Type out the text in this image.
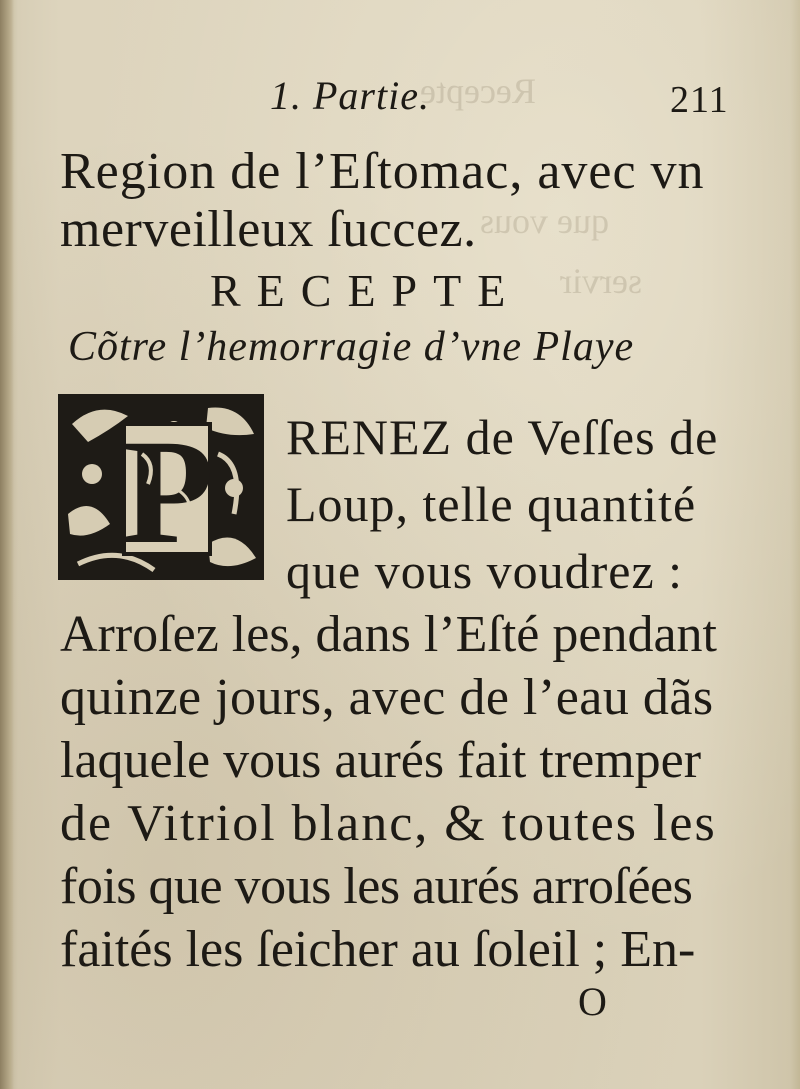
Recepte
que vous
servir
1. Partie.	211
Region de l’Eſtomac, avec vn
merveilleux ſuccez.
RECEPTE
Cõtre l’hemorragie d’vne Playe
P RENEZ de Veſſes de
Loup, telle quantité
que vous voudrez :
Arroſez les, dans l’Eſté pendant
quinze jours, avec de l’eau dãs
laquele vous aurés fait tremper
de Vitriol blanc, & toutes les
fois que vous les aurés arroſées
faités les ſeicher au ſoleil ; En-
O
